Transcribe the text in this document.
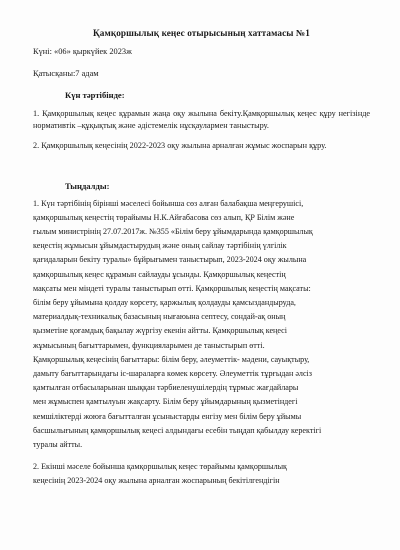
Қамқоршылық кеңес отырысының хаттамасы №1

Күні: «06» қыркүйек 2023ж

Қатысқаны:7 адам

Күн тәртібінде:

1. Қамқоршылық кеңес құрамын жаңа оқу жылына бекіту.Қамқоршылық кеңес құру негізінде нормативтік –құқықтық және әдістемелік нұсқаулармен таныстыру.

2. Қамқоршылық кеңесінің 2022-2023 оқу жылына арналған жұмыс жоспарын құру.

Тыңдалды:

1. Күн тәртібінің бірінші мәселесі бойынша сөз алған балабақша меңгерушісі,

қамқоршылық кеңестің төрайымы Н.К.Айғабасова сөз алып, ҚР Білім және

ғылым министрінің 27.07.2017ж. №355 «Білім беру ұйымдарында қамқоршылық

кеңестің жұмысын ұйымдастырудың және оның сайлау тәртібінің үлгілік

қағидаларын бекіту туралы» бұйрығымен таныстырып, 2023-2024 оқу жылына

қамқоршылық кеңес құрамын сайлауды ұсынды. Қамқоршылық кеңестің

мақсаты мен міндеті туралы таныстырып өтті. Қамқоршылық кеңестің мақсаты:

білім беру ұйымына қолдау көрсету, қаржылық қолдауды қамсыздандыруда,

материалдық-техникалық базасының нығаюына септесу, сондай-ақ оның

қызметіне қоғамдық бақылау жүргізу екенін айтты. Қамқоршылық кеңесі

жұмысының бағыттарымен, функцияларымен де таныстырып өтті.

Қамқоршылық кеңесінің бағыттары: білім беру, әлеуметтік- мәдени, сауықтыру,

дамыту бағыттарындағы іс-шараларға көмек көрсету. Әлеуметтік тұрғыдан әлсіз

қамтылған отбасыларынан шыққан тәрбиеленушілердің тұрмыс жағдайлары

мен жұмыспен қамтылуын жақсарту. Білім беру ұйымдарының қызметіндегі

кемшіліктерді жоюға бағытталған ұсыныстарды енгізу мен білім беру ұйымы

басшылығының қамқоршылық кеңесі алдындағы есебін тыңдап қабылдау керектігі

туралы айтты.

2. Екінші мәселе бойынша қамқоршылық кеңес төрайымы қамқоршылық

кеңесінің 2023-2024 оқу жылына арналған жоспарының бекітілгендігін
